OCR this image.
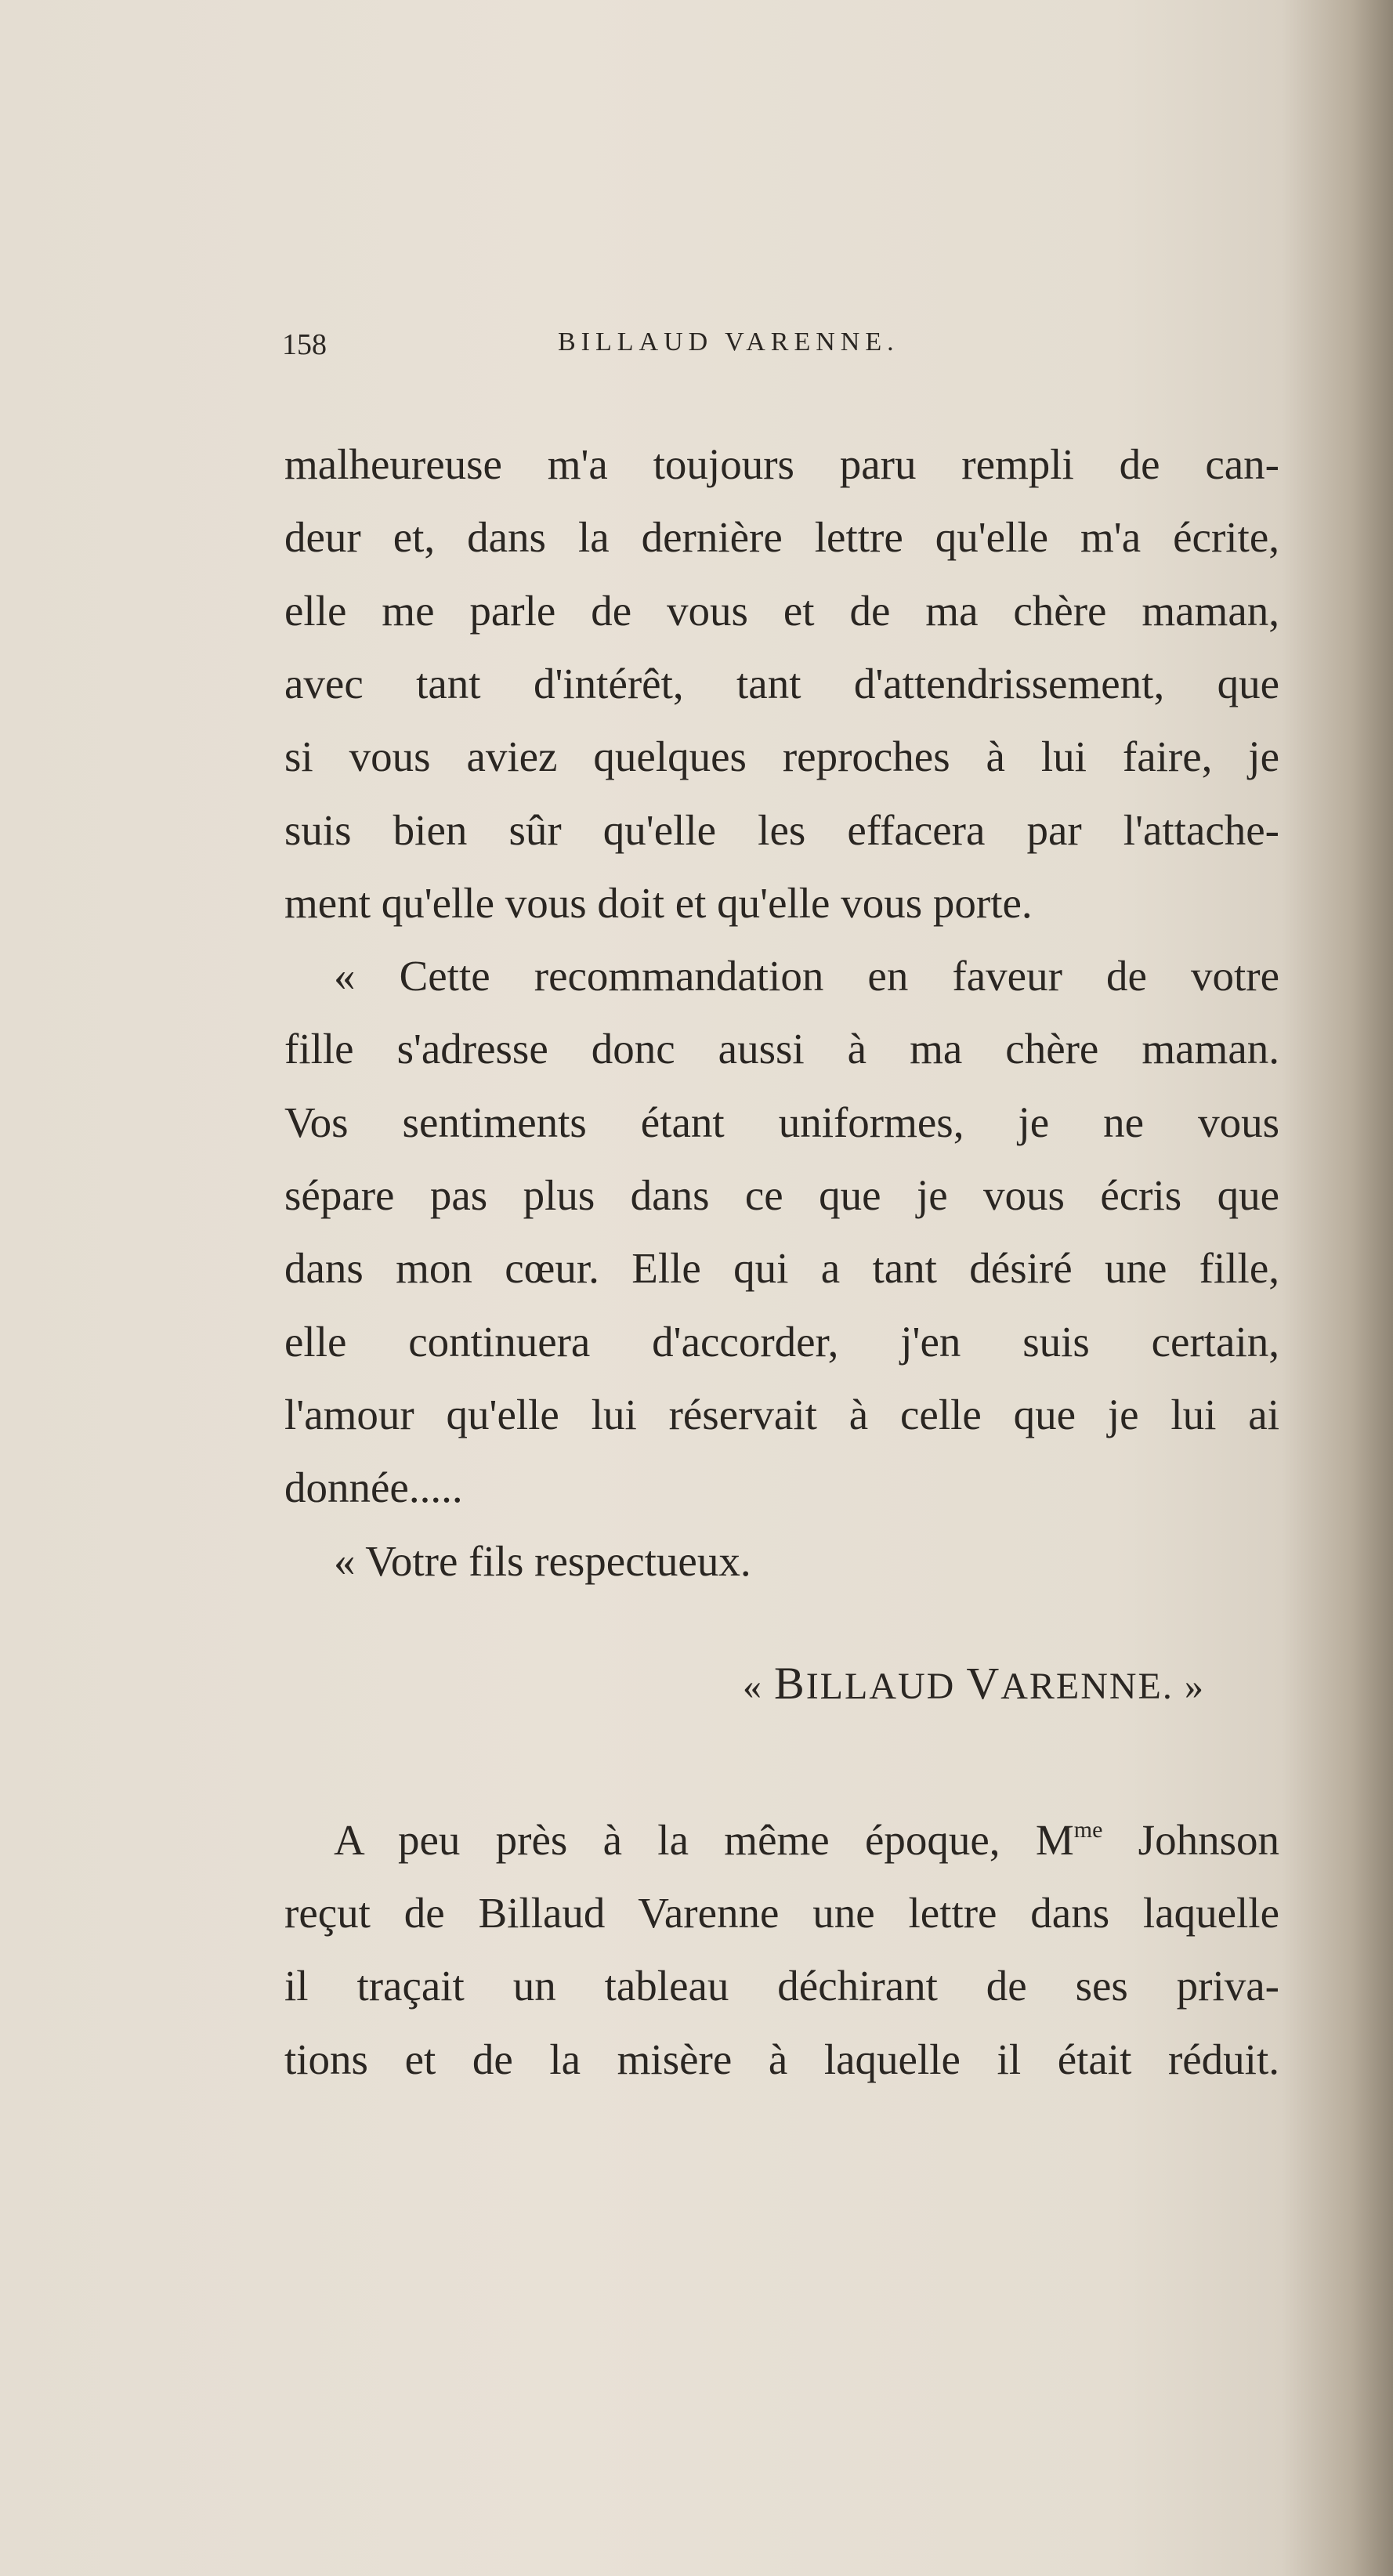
158	BILLAUD VARENNE.
malheureuse m'a toujours paru rempli de can-
deur et, dans la dernière lettre qu'elle m'a écrite,
elle me parle de vous et de ma chère maman,
avec tant d'intérêt, tant d'attendrissement, que
si vous aviez quelques reproches à lui faire, je
suis bien sûr qu'elle les effacera par l'attache-
ment qu'elle vous doit et qu'elle vous porte.
« Cette recommandation en faveur de votre
fille s'adresse donc aussi à ma chère maman.
Vos sentiments étant uniformes, je ne vous
sépare pas plus dans ce que je vous écris que
dans mon cœur. Elle qui a tant désiré une fille,
elle continuera d'accorder, j'en suis certain,
l'amour qu'elle lui réservait à celle que je lui ai
donnée.....
« Votre fils respectueux.
« BILLAUD VARENNE. »
A peu près à la même époque, $M^{me}$ Johnson
reçut de Billaud Varenne une lettre dans laquelle
il traçait un tableau déchirant de ses priva-
tions et de la misère à laquelle il était réduit.
